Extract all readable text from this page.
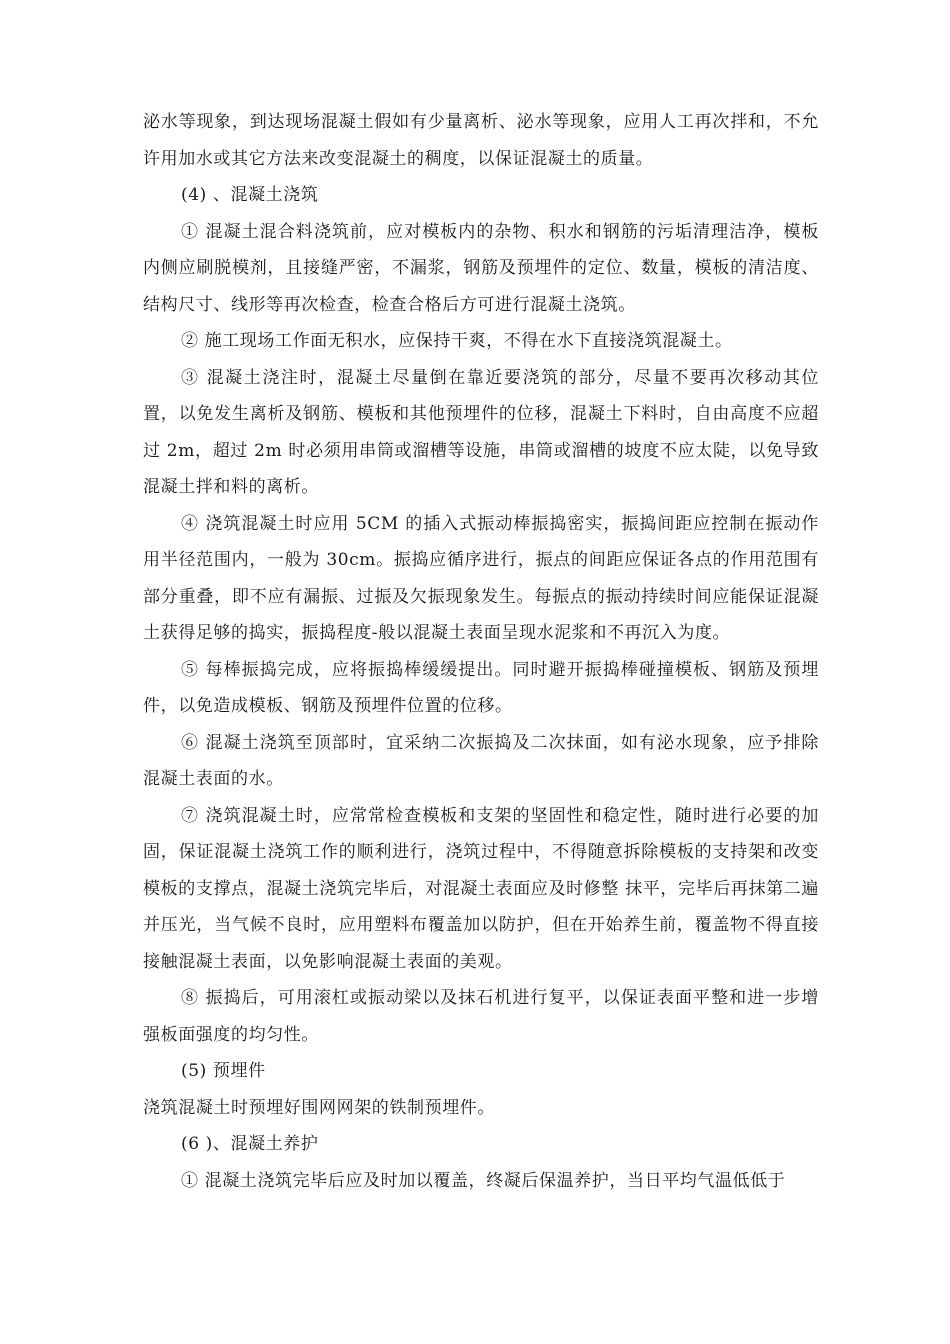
泌水等现象，到达现场混凝土假如有少量离析、泌水等现象，应用人工再次拌和，不允许用加水或其它方法来改变混凝土的稠度，以保证混凝土的质量。

(4) 、混凝土浇筑

① 混凝土混合料浇筑前，应对模板内的杂物、积水和钢筋的污垢清理洁净，模板内侧应刷脱模剂，且接缝严密，不漏浆，钢筋及预埋件的定位、数量，模板的清洁度、结构尺寸、线形等再次检查，检查合格后方可进行混凝土浇筑。

② 施工现场工作面无积水，应保持干爽，不得在水下直接浇筑混凝土。

③ 混凝土浇注时，混凝土尽量倒在靠近要浇筑的部分，尽量不要再次移动其位置，以免发生离析及钢筋、模板和其他预埋件的位移，混凝土下料时，自由高度不应超过 2m，超过 2m 时必须用串筒或溜槽等设施，串筒或溜槽的坡度不应太陡，以免导致混凝土拌和料的离析。

④ 浇筑混凝土时应用 5CM 的插入式振动棒振捣密实，振捣间距应控制在振动作用半径范围内，一般为 30cm。振捣应循序进行，振点的间距应保证各点的作用范围有部分重叠，即不应有漏振、过振及欠振现象发生。每振点的振动持续时间应能保证混凝土获得足够的捣实，振捣程度-般以混凝土表面呈现水泥浆和不再沉入为度。

⑤ 每棒振捣完成，应将振捣棒缓缓提出。同时避开振捣棒碰撞模板、钢筋及预埋件，以免造成模板、钢筋及预埋件位置的位移。

⑥ 混凝土浇筑至顶部时，宜采纳二次振捣及二次抹面，如有泌水现象，应予排除混凝土表面的水。

⑦ 浇筑混凝土时，应常常检查模板和支架的坚固性和稳定性，随时进行必要的加固，保证混凝土浇筑工作的顺利进行，浇筑过程中，不得随意拆除模板的支持架和改变模板的支撑点，混凝土浇筑完毕后，对混凝土表面应及时修整 抹平，完毕后再抹第二遍并压光，当气候不良时，应用塑料布覆盖加以防护，但在开始养生前，覆盖物不得直接接触混凝土表面，以免影响混凝土表面的美观。

⑧ 振捣后，可用滚杠或振动梁以及抹石机进行复平，以保证表面平整和进一步增强板面强度的均匀性。

(5) 预埋件

浇筑混凝土时预埋好围网网架的铁制预埋件。

(6 )、混凝土养护

① 混凝土浇筑完毕后应及时加以覆盖，终凝后保温养护，当日平均气温低低于
